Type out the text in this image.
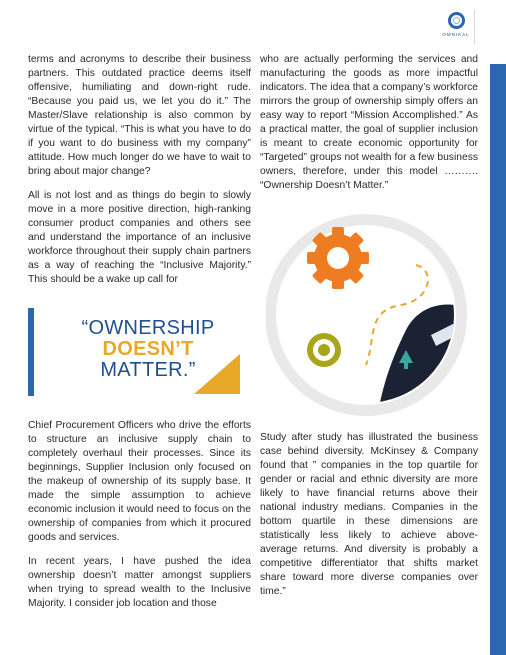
OMNIKAL

terms and acronyms to describe their business partners. This outdated practice deems itself offensive, humiliating and down-right rude. “Because you paid us, we let you do it.” The Master/Slave relationship is also common by virtue of the typical. “This is what you have to do if you want to do business with my company” attitude. How much longer do we have to wait to bring about major change?

All is not lost and as things do begin to slowly move in a more positive direction, high-ranking consumer product companies and others see and understand the importance of an inclusive workforce throughout their supply chain partners as a way of reaching the “Inclusive Majority.” This should be a wake up call for

who are actually performing the services and manufacturing the goods as more impactful indicators. The idea that a company’s workforce mirrors the group of ownership simply offers an easy way to report “Mission Accomplished.” As a practical matter, the goal of supplier inclusion is meant to create economic opportunity for “Targeted” groups not wealth for a few business owners, therefore, under this model ………. “Ownership Doesn’t Matter.”

“OWNERSHIP
DOESN’T
MATTER.”

Chief Procurement Officers who drive the efforts to structure an inclusive supply chain to completely overhaul their processes. Since its beginnings, Supplier Inclusion only focused on the makeup of ownership of its supply base. It made the simple assumption to achieve economic inclusion it would need to focus on the ownership of companies from which it procured goods and services.

In recent years, I have pushed the idea ownership doesn’t matter amongst suppliers when trying to spread wealth to the Inclusive Majority. I consider job location and those

Study after study has illustrated the business case behind diversity. McKinsey & Company found that ” companies in the top quartile for gender or racial and ethnic diversity are more likely to have financial returns above their national industry medians. Companies in the bottom quartile in these dimensions are statistically less likely to achieve above-average returns. And diversity is probably a competitive differentiator that shifts market share toward more diverse companies over time.”
